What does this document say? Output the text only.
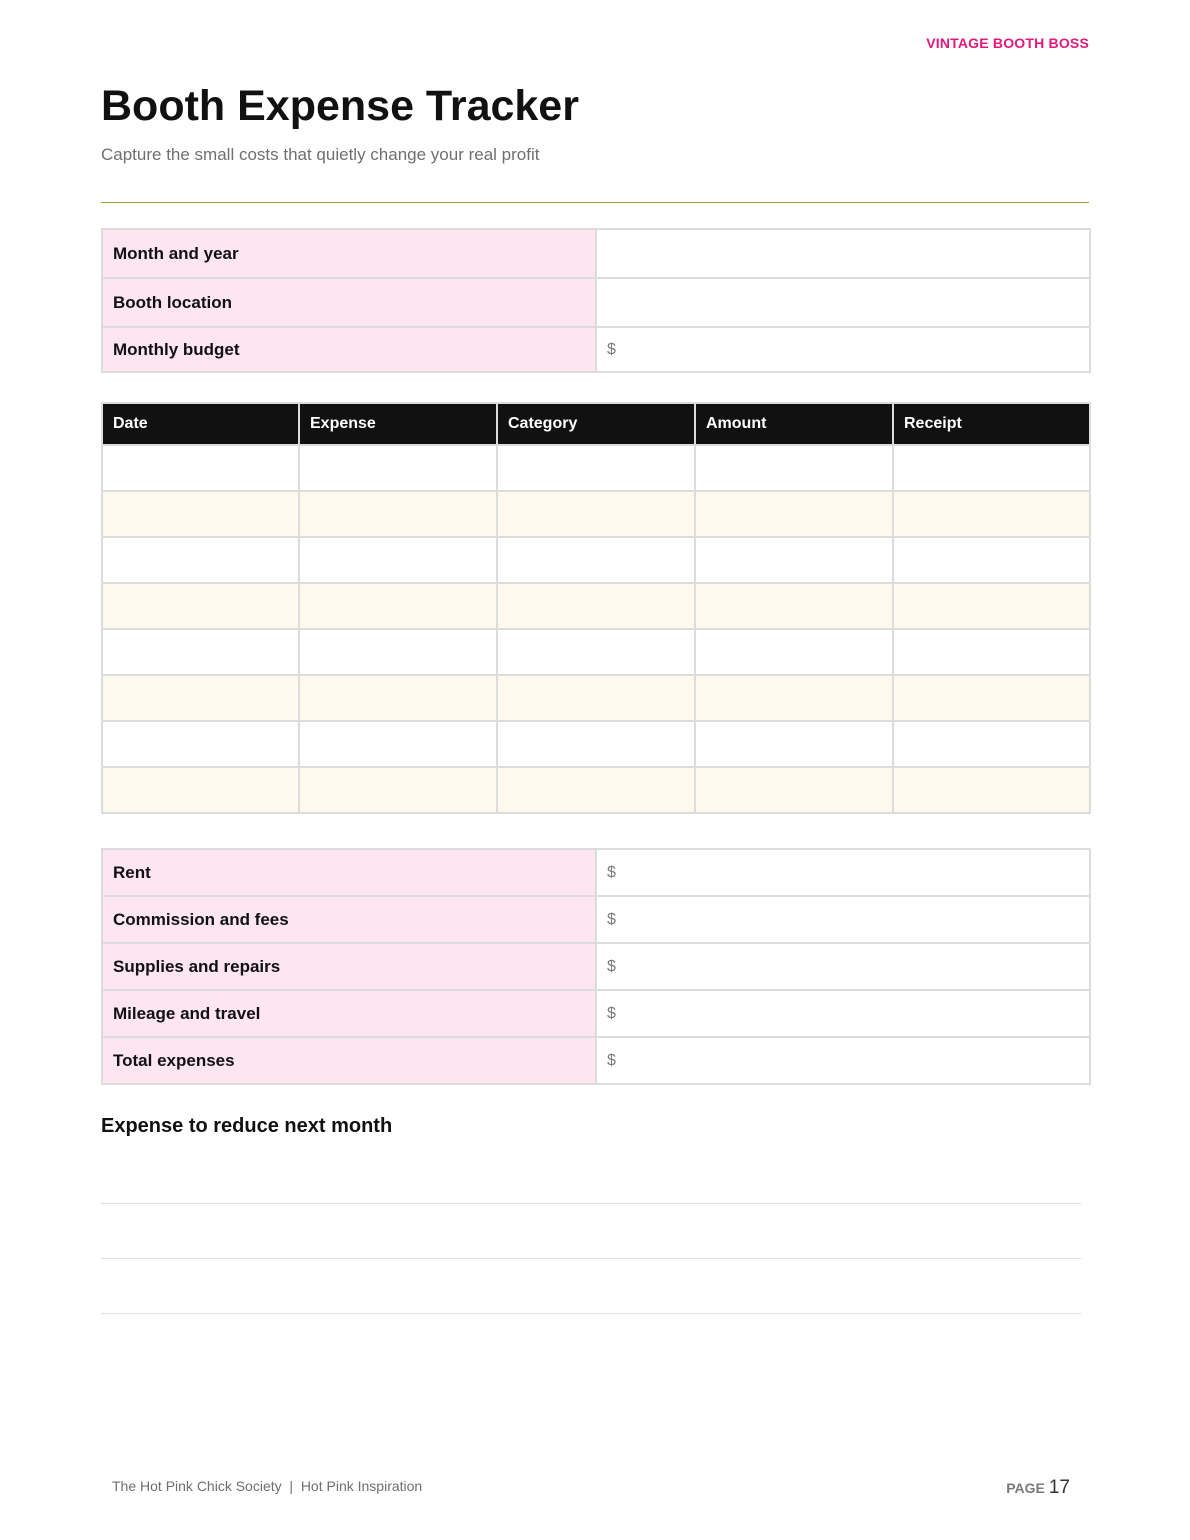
VINTAGE BOOTH BOSS
Booth Expense Tracker
Capture the small costs that quietly change your real profit
Month and year	
Booth location	
Monthly budget	$
Date	Expense	Category	Amount	Receipt

Rent	$
Commission and fees	$
Supplies and repairs	$
Mileage and travel	$
Total expenses	$
Expense to reduce next month
The Hot Pink Chick Society  |  Hot Pink Inspiration	PAGE 17
